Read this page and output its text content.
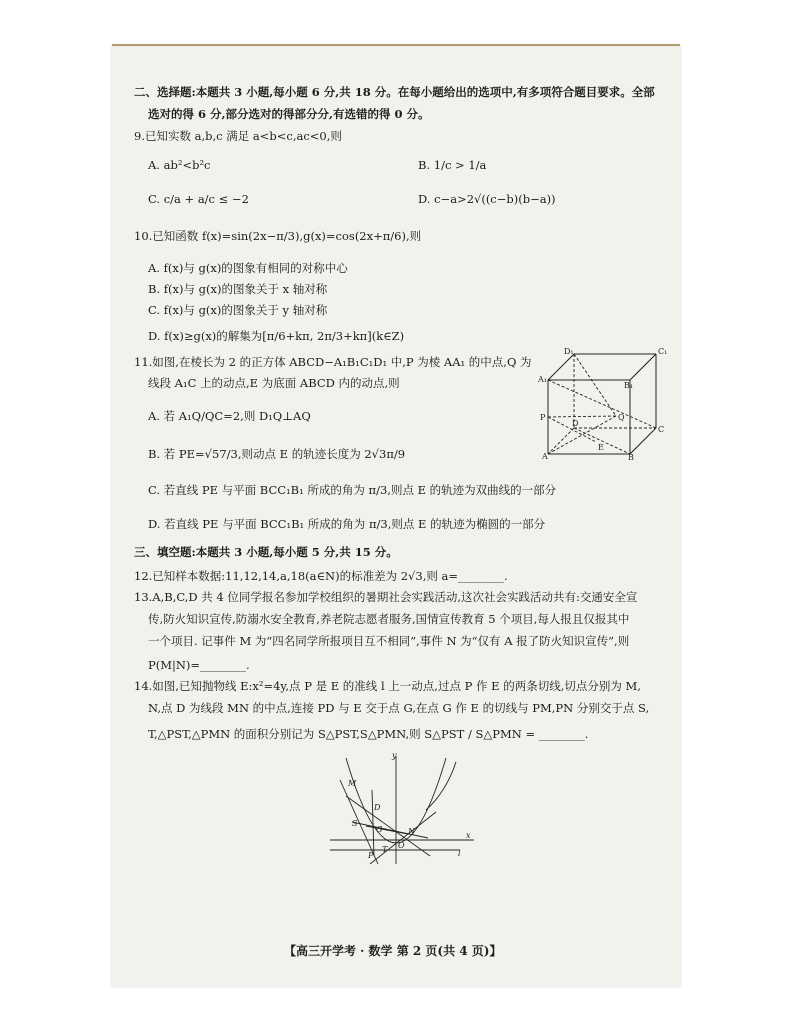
二、选择题:本题共 3 小题,每小题 6 分,共 18 分。在每小题给出的选项中,有多项符合题目要求。全部
选对的得 6 分,部分选对的得部分分,有选错的得 0 分。
9.已知实数 a,b,c 满足 a<b<c,ac<0,则
A. ab²<b²c	B. 1/c > 1/a
C. c/a + a/c ≤ −2	D. c−a>2√((c−b)(b−a))
10.已知函数 f(x)=sin(2x−π/3),g(x)=cos(2x+π/6),则
A. f(x)与 g(x)的图象有相同的对称中心
B. f(x)与 g(x)的图象关于 x 轴对称
C. f(x)与 g(x)的图象关于 y 轴对称
D. f(x)≥g(x)的解集为[π/6+kπ, 2π/3+kπ](k∈Z)
11.如图,在棱长为 2 的正方体 ABCD−A₁B₁C₁D₁ 中,P 为棱 AA₁ 的中点,Q 为
线段 A₁C 上的动点,E 为底面 ABCD 内的动点,则
A. 若 A₁Q/QC=2,则 D₁Q⊥AQ
B. 若 PE=√57/3,则动点 E 的轨迹长度为 2√3π/9
C. 若直线 PE 与平面 BCC₁B₁ 所成的角为 π/3,则点 E 的轨迹为双曲线的一部分
D. 若直线 PE 与平面 BCC₁B₁ 所成的角为 π/3,则点 E 的轨迹为椭圆的一部分
D₁	C₁
A₁
B₁
P	Q
D
C
A
E
B
三、填空题:本题共 3 小题,每小题 5 分,共 15 分。
12.已知样本数据:11,12,14,a,18(a∈N)的标准差为 2√3,则 a=________.
13.A,B,C,D 共 4 位同学报名参加学校组织的暑期社会实践活动,这次社会实践活动共有:交通安全宣
传,防火知识宣传,防溺水安全教育,养老院志愿者服务,国情宣传教育 5 个项目,每人报且仅报其中
一个项目. 记事件 M 为“四名同学所报项目互不相同”,事件 N 为“仅有 A 报了防火知识宣传”,则
P(M|N)=________.
14.如图,已知抛物线 E:x²=4y,点 P 是 E 的准线 l 上一动点,过点 P 作 E 的两条切线,切点分别为 M,
N,点 D 为线段 MN 的中点,连接 PD 与 E 交于点 G,在点 G 作 E 的切线与 PM,PN 分别交于点 S,
T,△PST,△PMN 的面积分别记为 S△PST,S△PMN,则 S△PST / S△PMN = ________.
y
x
M
D
S
G	N
O
T
P	l
【高三开学考 · 数学 第 2 页(共 4 页)】
